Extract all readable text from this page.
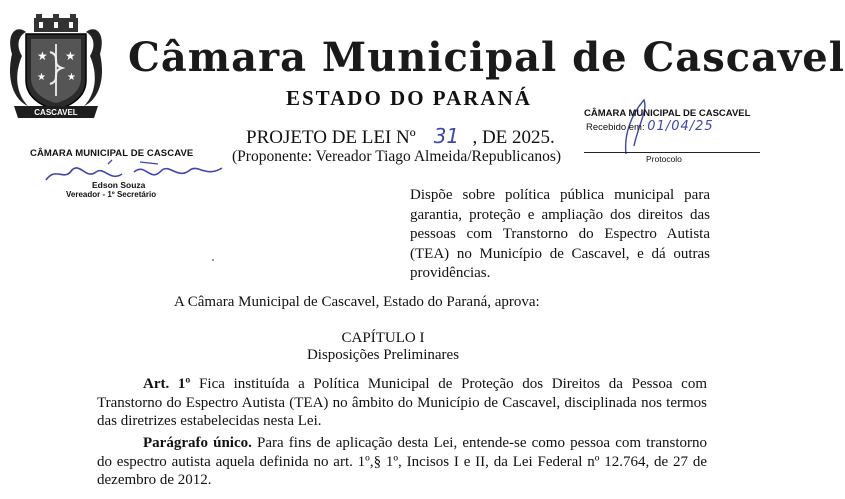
★ ★
★ ★
CASCAVEL
Câmara Municipal de Cascavel
ESTADO DO PARANÁ
PROJETO DE LEI Nº 31 , DE 2025.
(Proponente: Vereador Tiago Almeida/Republicanos)
CÂMARA MUNICIPAL DE CASCAVE
Edson Souza
Vereador - 1º Secretário
CÂMARA MUNICIPAL DE CASCAVEL
Recebido em: 01/04/25
Protocolo
Dispõe sobre política pública municipal para garantia, proteção e ampliação dos direitos das pessoas com Transtorno do Espectro Autista (TEA) no Município de Cascavel, e dá outras providências.
A Câmara Municipal de Cascavel, Estado do Paraná, aprova:
CAPÍTULO I
Disposições Preliminares
Art. 1º Fica instituída a Política Municipal de Proteção dos Direitos da Pessoa com Transtorno do Espectro Autista (TEA) no âmbito do Município de Cascavel, disciplinada nos termos das diretrizes estabelecidas nesta Lei.
Parágrafo único. Para fins de aplicação desta Lei, entende-se como pessoa com transtorno do espectro autista aquela definida no art. 1º,§ 1º, Incisos I e II, da Lei Federal nº 12.764, de 27 de dezembro de 2012.
